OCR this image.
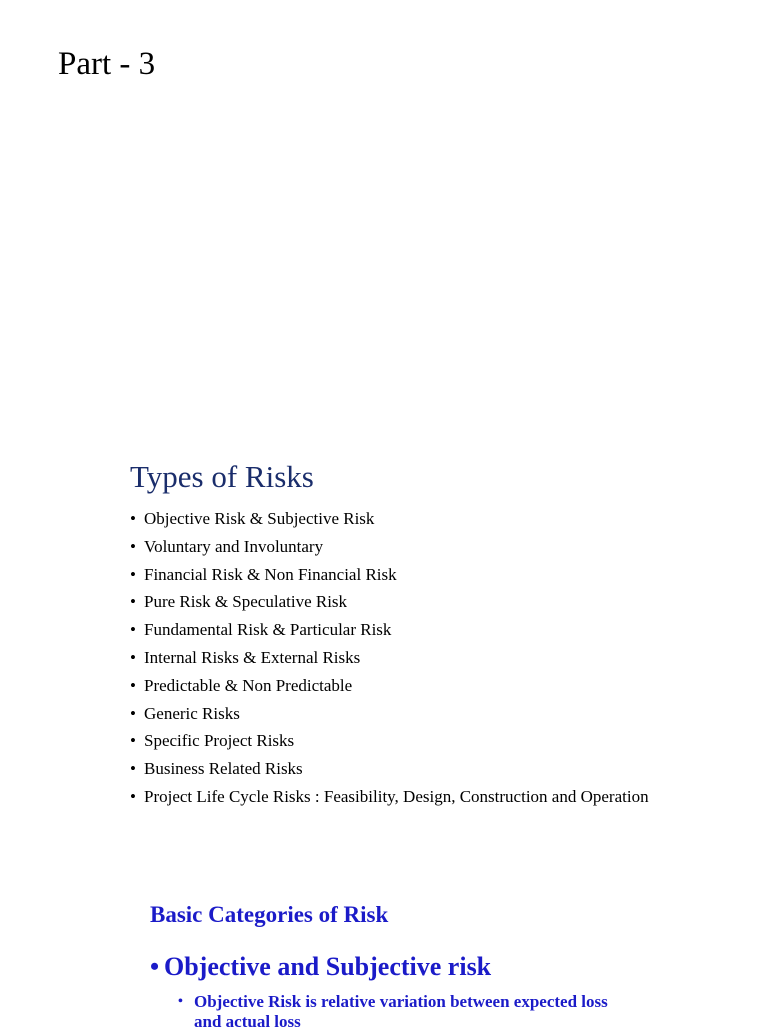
Part - 3
Types of Risks
• Objective Risk & Subjective Risk
• Voluntary and Involuntary
• Financial Risk & Non Financial Risk
• Pure Risk & Speculative Risk
• Fundamental Risk & Particular Risk
• Internal Risks & External Risks
• Predictable & Non Predictable
• Generic Risks
• Specific Project Risks
• Business Related Risks
• Project Life Cycle Risks : Feasibility, Design, Construction and Operation
Basic Categories of Risk
• Objective and Subjective risk
• Objective Risk is relative variation between expected loss and actual loss
